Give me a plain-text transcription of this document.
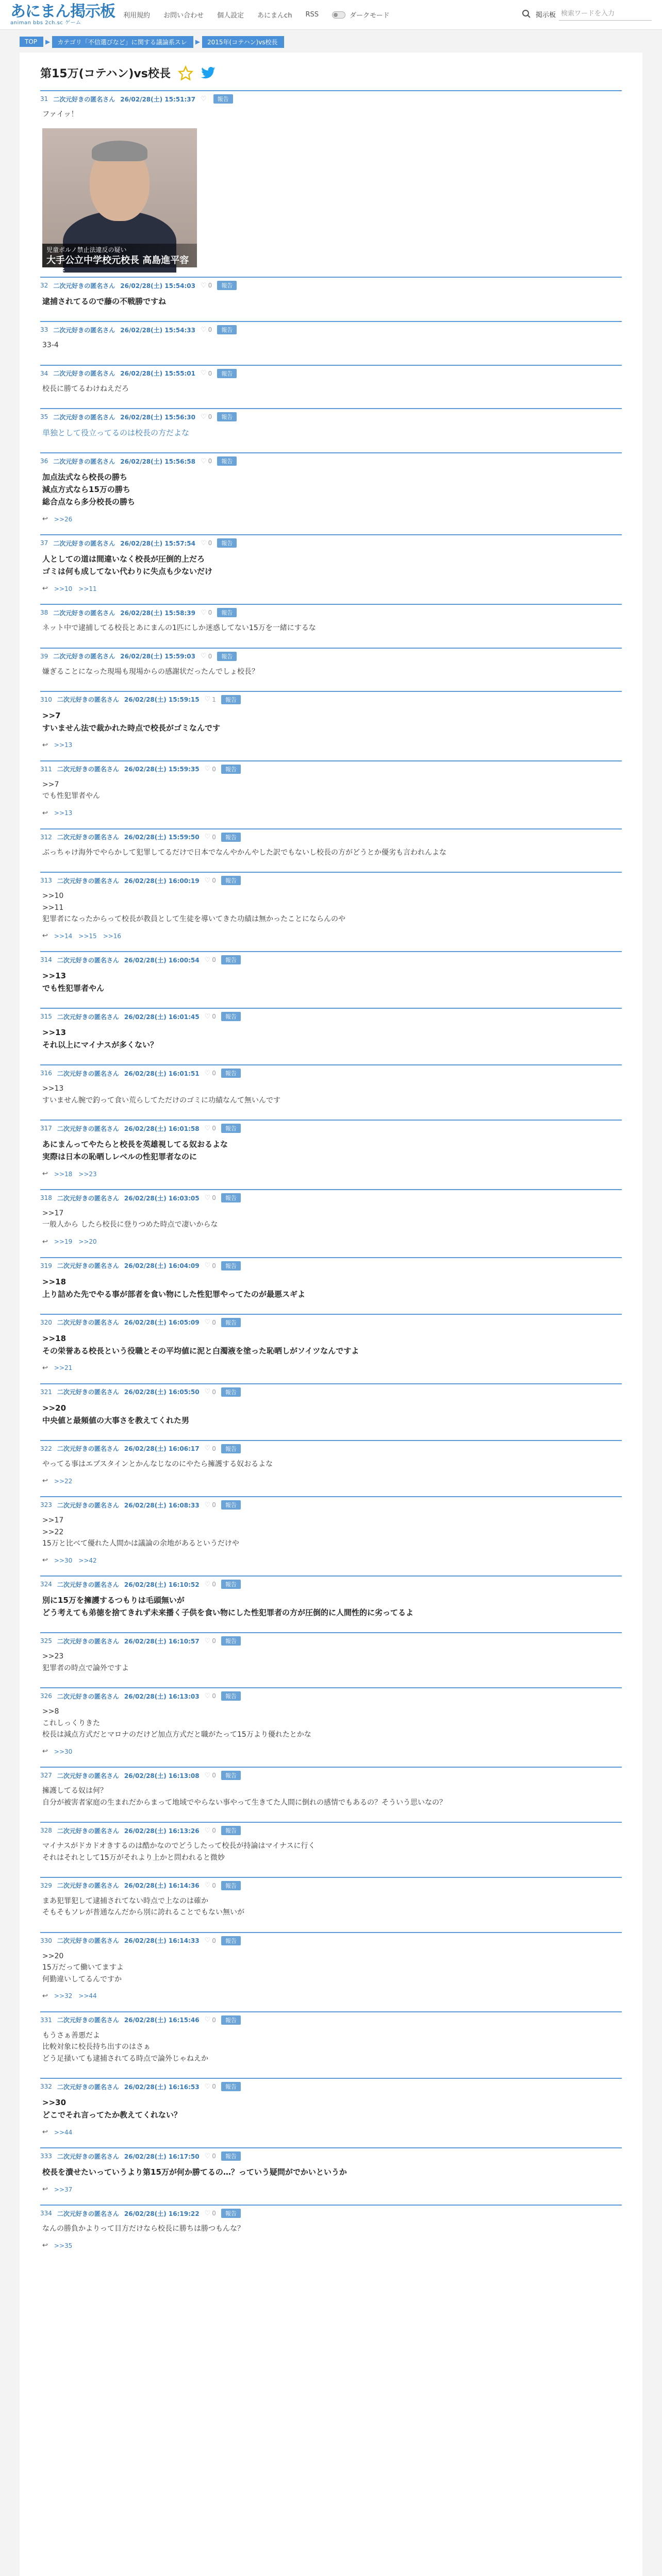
あにまん掲示板
animan bbs 2ch.sc ゲーム
利用規約 お問い合わせ 個人設定 あにまんch RSS	ダークモード	掲示板
検索ワードを入力
TOP	▶	カテゴリ「不信選びなど」に関する議論系スレ	▶	2015年(コテハン)vs校長
第15万(コテハン)vs校長
31 二次元好きの匿名さん 26/02/28(土) 15:51:37 ♡	報告
ファイッ！
児童ポルノ禁止法違反の疑い
大手公立中学校元校長 高島進平容疑者
32 二次元好きの匿名さん 26/02/28(土) 15:54:03 ♡ 0	報告
逮捕されてるので藤の不戦勝ですね
33 二次元好きの匿名さん 26/02/28(土) 15:54:33 ♡ 0	報告
33-4
34 二次元好きの匿名さん 26/02/28(土) 15:55:01 ♡ 0	報告
校長に勝てるわけねえだろ
35 二次元好きの匿名さん 26/02/28(土) 15:56:30 ♡ 0	報告
単独として役立ってるのは校長の方だよな
36 二次元好きの匿名さん 26/02/28(土) 15:56:58 ♡ 0	報告
加点法式なら校長の勝ち
減点方式なら15万の勝ち
総合点なら多分校長の勝ち
↩ >>26
37 二次元好きの匿名さん 26/02/28(土) 15:57:54 ♡ 0	報告
人としての道は間違いなく校長が圧倒的上だろ
ゴミは何も成してない代わりに失点も少ないだけ
↩ >>10 >>11
38 二次元好きの匿名さん 26/02/28(土) 15:58:39 ♡ 0	報告
ネット中で逮捕してる校長とあにまんの1匹にしか迷惑してない15万を一緒にするな
39 二次元好きの匿名さん 26/02/28(土) 15:59:03 ♡ 0	報告
嫌ぎることになった現場も現場からの感謝状だったんでしょ校長？
310 二次元好きの匿名さん 26/02/28(土) 15:59:15 ♡ 1	報告
>>7
すいません法で裁かれた時点で校長がゴミなんです
↩ >>13
311 二次元好きの匿名さん 26/02/28(土) 15:59:35 ♡ 0	報告
>>7
でも性犯罪者やん
↩ >>13
312 二次元好きの匿名さん 26/02/28(土) 15:59:50 ♡ 0	報告
ぶっちゃけ海外でやらかして犯罪してるだけで日本でなんやかんやした訳でもないし校長の方がどうとか優劣も言われんよな
313 二次元好きの匿名さん 26/02/28(土) 16:00:19 ♡ 0	報告
>>10
>>11
犯罪者になったからって校長が教員として生徒を導いてきた功績は無かったことにならんのや
↩ >>14 >>15 >>16
314 二次元好きの匿名さん 26/02/28(土) 16:00:54 ♡ 0	報告
>>13
でも性犯罪者やん
315 二次元好きの匿名さん 26/02/28(土) 16:01:45 ♡ 0	報告
>>13
それ以上にマイナスが多くない？
316 二次元好きの匿名さん 26/02/28(土) 16:01:51 ♡ 0	報告
>>13
すいません腕で釣って食い荒らしてただけのゴミに功績なんて無いんです
317 二次元好きの匿名さん 26/02/28(土) 16:01:58 ♡ 0	報告
あにまんってやたらと校長を英雄視してる奴おるよな
実際は日本の恥晒しレベルの性犯罪者なのに
↩ >>18 >>23
318 二次元好きの匿名さん 26/02/28(土) 16:03:05 ♡ 0	報告
>>17
一般人から したら校長に登りつめた時点で凄いからな
↩ >>19 >>20
319 二次元好きの匿名さん 26/02/28(土) 16:04:09 ♡ 0	報告
>>18
上り詰めた先でやる事が部者を食い物にした性犯罪やってたのが最悪スギよ
320 二次元好きの匿名さん 26/02/28(土) 16:05:09 ♡ 0	報告
>>18
その栄誉ある校長という役職とその平均値に泥と白濁液を塗った恥晒しがソイツなんですよ
↩ >>21
321 二次元好きの匿名さん 26/02/28(土) 16:05:50 ♡ 0	報告
>>20
中央値と最頻値の大事さを教えてくれた男
322 二次元好きの匿名さん 26/02/28(土) 16:06:17 ♡ 0	報告
やってる事はエプスタインとかんなじなのにやたら擁護する奴おるよな
↩ >>22
323 二次元好きの匿名さん 26/02/28(土) 16:08:33 ♡ 0	報告
>>17
>>22
15万と比べて優れた人間かは議論の余地があるというだけや
↩ >>30 >>42
324 二次元好きの匿名さん 26/02/28(土) 16:10:52 ♡ 0	報告
別に15万を擁護するつもりは毛頭無いが
どう考えても弟徳を捨てきれず未来播く子供を食い物にした性犯罪者の方が圧倒的に人間性的に劣ってるよ
325 二次元好きの匿名さん 26/02/28(土) 16:10:57 ♡ 0	報告
>>23
犯罪者の時点で論外ですよ
326 二次元好きの匿名さん 26/02/28(土) 16:13:03 ♡ 0	報告
>>8
これしっくりきた
校長は減点方式だとマロナのだけど加点方式だと職がたって15万より優れたとかな
↩ >>30
327 二次元好きの匿名さん 26/02/28(土) 16:13:08 ♡ 0	報告
擁護してる奴は何？
自分が被害者家庭の生まれだからまって地域でやらない事やって生きてた人間に倒れの感情でもあるの？そういう思いなの？
328 二次元好きの匿名さん 26/02/28(土) 16:13:26 ♡ 0	報告
マイナスがドカドオきするのは酷かなのでどうしたって校長が持論はマイナスに行く
それはそれとして15万がそれより上かと問われると微妙
329 二次元好きの匿名さん 26/02/28(土) 16:14:36 ♡ 0	報告
まあ犯罪犯して逮捕されてない時点で上なのは確か
そもそもソレが普通なんだから別に誇れることでもない無いが
330 二次元好きの匿名さん 26/02/28(土) 16:14:33 ♡ 0	報告
>>20
15万だって働いてますよ
何勤違いしてるんですか
↩ >>32 >>44
331 二次元好きの匿名さん 26/02/28(土) 16:15:46 ♡ 0	報告
もうさぁ善悪だよ
比較対象に校長持ち出すのはさぁ
どう足掻いても逮捕されてる時点で論外じゃねえか
332 二次元好きの匿名さん 26/02/28(土) 16:16:53 ♡ 0	報告
>>30
どこでそれ言ってたか教えてくれない？
↩ >>44
333 二次元好きの匿名さん 26/02/28(土) 16:17:50 ♡ 0	報告
校長を潰せたいっていうより第15万が何か勝てるの…？っていう疑問がでかいというか
↩ >>37
334 二次元好きの匿名さん 26/02/28(土) 16:19:22 ♡ 0	報告
なんの勝負かよりって目方だけなら校長に勝ちは勝つもんな？
↩ >>35
